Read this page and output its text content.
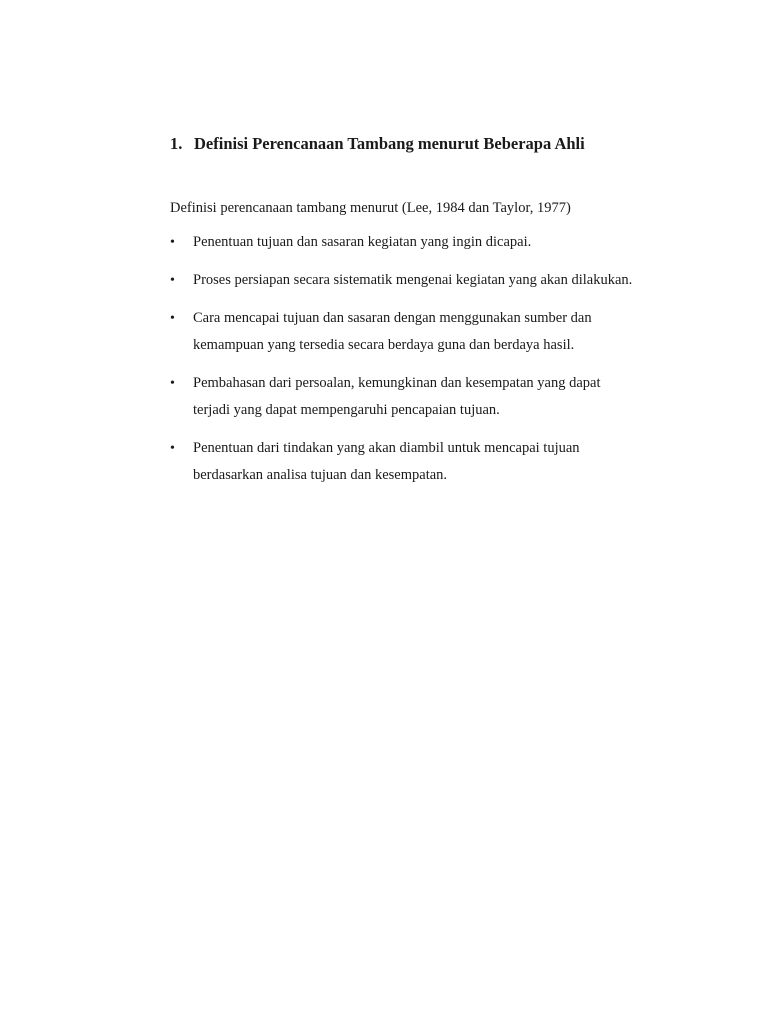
1. Definisi Perencanaan Tambang menurut Beberapa Ahli

Definisi perencanaan tambang menurut (Lee, 1984 dan Taylor, 1977)

•	Penentuan tujuan dan sasaran kegiatan yang ingin dicapai.
•	Proses persiapan secara sistematik mengenai kegiatan yang akan dilakukan.
•	Cara mencapai tujuan dan sasaran dengan menggunakan sumber dan kemampuan yang tersedia secara berdaya guna dan berdaya hasil.
•	Pembahasan dari persoalan, kemungkinan dan kesempatan yang dapat terjadi yang dapat mempengaruhi pencapaian tujuan.
•	Penentuan dari tindakan yang akan diambil untuk mencapai tujuan berdasarkan analisa tujuan dan kesempatan.
